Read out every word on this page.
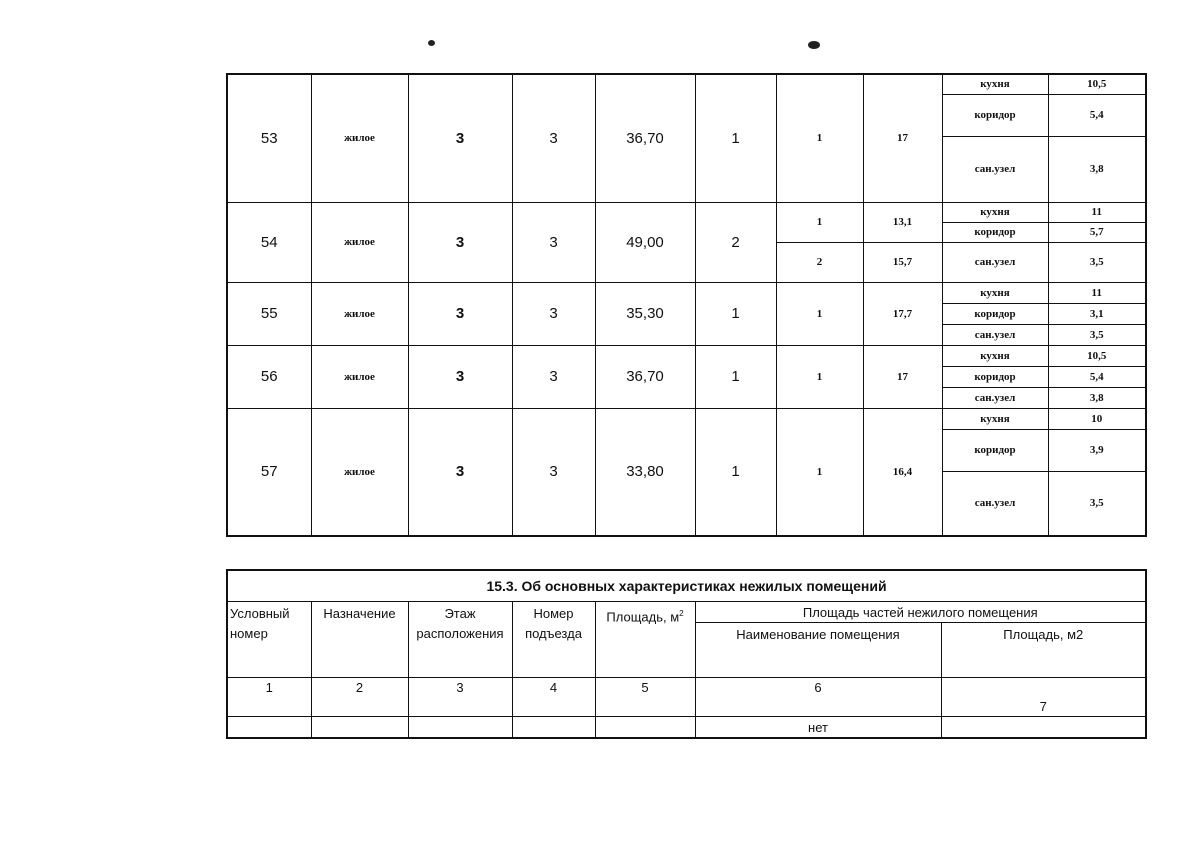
53	жилое	3	3	36,70	1	1	17	кухня	10,5
								коридор	5,4
								сан.узел	3,8
54	жилое	3	3	49,00	2	1	13,1	кухня	11
								коридор	5,7
						2	15,7	сан.узел	3,5
55	жилое	3	3	35,30	1	1	17,7	кухня	11
								коридор	3,1
								сан.узел	3,5
56	жилое	3	3	36,70	1	1	17	кухня	10,5
								коридор	5,4
								сан.узел	3,8
57	жилое	3	3	33,80	1	1	16,4	кухня	10
								коридор	3,9
								сан.узел	3,5
15.3. Об основных характеристиках нежилых помещений						
Условный номер	Назначение	Этаж расположения	Номер подъезда	Площадь, $м^2$	Площадь частей нежилого помещения	
					Наименование помещения	Площадь, м2
1	2	3	4	5	6	7
					нет	
